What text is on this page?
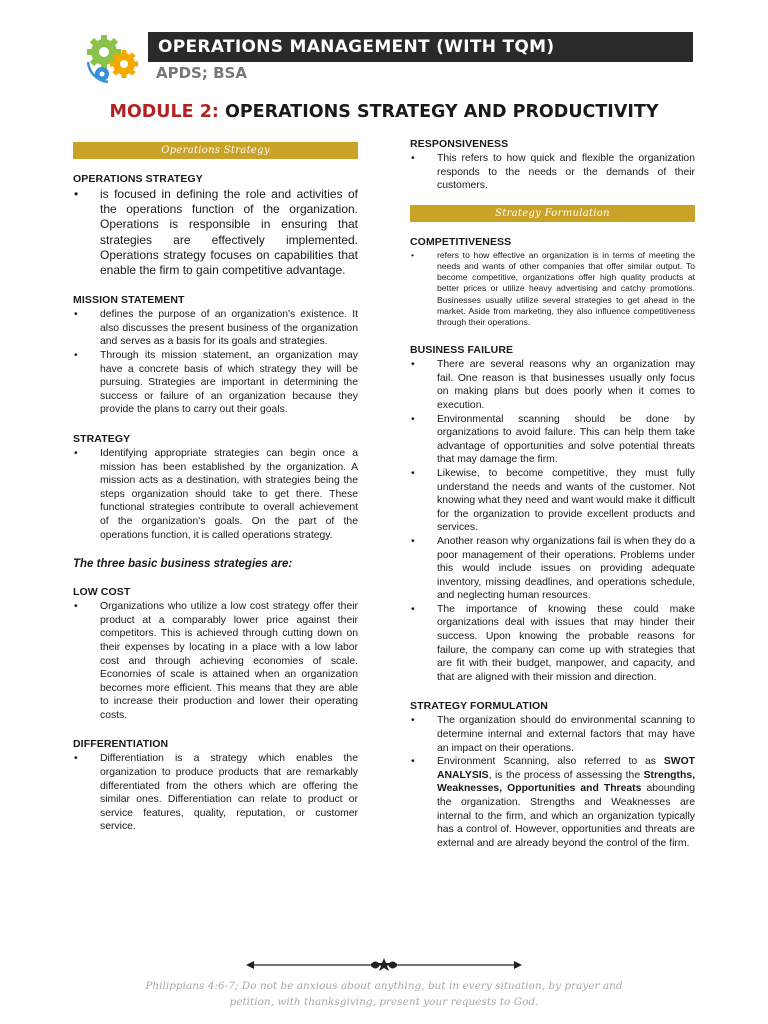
OPERATIONS MANAGEMENT (WITH TQM)
APDS; BSA
MODULE 2: OPERATIONS STRATEGY AND PRODUCTIVITY
Operations Strategy
OPERATIONS STRATEGY
• is focused in defining the role and activities of the operations function of the organization. Operations is responsible in ensuring that strategies are effectively implemented. Operations strategy focuses on capabilities that enable the firm to gain competitive advantage.
MISSION STATEMENT
• defines the purpose of an organization's existence. It also discusses the present business of the organization and serves as a basis for its goals and strategies.
• Through its mission statement, an organization may have a concrete basis of which strategy they will be pursuing. Strategies are important in determining the success or failure of an organization because they provide the plans to carry out their goals.
STRATEGY
• Identifying appropriate strategies can begin once a mission has been established by the organization. A mission acts as a destination, with strategies being the steps organization should take to get there. These functional strategies contribute to overall achievement of the organization's goals. On the part of the operations function, it is called operations strategy.
The three basic business strategies are:
LOW COST
• Organizations who utilize a low cost strategy offer their product at a comparably lower price against their competitors. This is achieved through cutting down on their expenses by locating in a place with a low labor cost and through achieving economies of scale. Economies of scale is attained when an organization becomes more efficient. This means that they are able to increase their production and lower their operating costs.
DIFFERENTIATION
• Differentiation is a strategy which enables the organization to produce products that are remarkably differentiated from the others which are offering the similar ones. Differentiation can relate to product or service features, quality, reputation, or customer service.
RESPONSIVENESS
• This refers to how quick and flexible the organization responds to the needs or the demands of their customers.
Strategy Formulation
COMPETITIVENESS
• refers to how effective an organization is in terms of meeting the needs and wants of other companies that offer similar output. To become competitive, organizations offer high quality products at better prices or utilize heavy advertising and catchy promotions. Businesses usually utilize several strategies to get ahead in the market. Aside from marketing, they also influence competitiveness through their operations.
BUSINESS FAILURE
• There are several reasons why an organization may fail. One reason is that businesses usually only focus on making plans but does poorly when it comes to execution.
• Environmental scanning should be done by organizations to avoid failure. This can help them take advantage of opportunities and solve potential threats that may damage the firm.
• Likewise, to become competitive, they must fully understand the needs and wants of the customer. Not knowing what they need and want would make it difficult for the organization to provide excellent products and services.
• Another reason why organizations fail is when they do a poor management of their operations. Problems under this would include issues on providing adequate inventory, missing deadlines, and operations schedule, and neglecting human resources.
• The importance of knowing these could make organizations deal with issues that may hinder their success. Upon knowing the probable reasons for failure, the company can come up with strategies that are fit with their budget, manpower, and capacity, and that are aligned with their mission and direction.
STRATEGY FORMULATION
• The organization should do environmental scanning to determine internal and external factors that may have an impact on their operations.
• Environment Scanning, also referred to as SWOT ANALYSIS, is the process of assessing the Strengths, Weaknesses, Opportunities and Threats abounding the organization. Strengths and Weaknesses are internal to the firm, and which an organization typically has a control of. However, opportunities and threats are external and are already beyond the control of the firm.
Philippians 4:6-7; Do not be anxious about anything, but in every situation, by prayer and
petition, with thanksgiving, present your requests to God.
